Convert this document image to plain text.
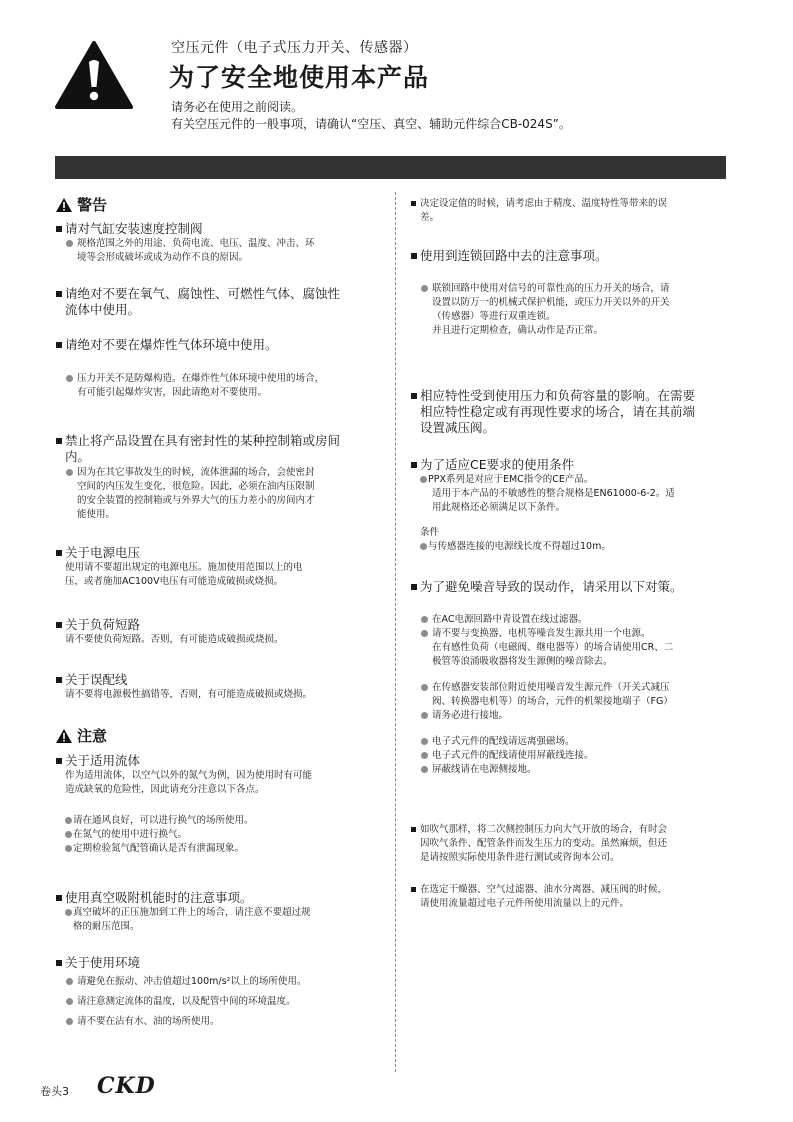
空压元件（电子式压力开关、传感器）
为了安全地使用本产品
请务必在使用之前阅读。
有关空压元件的一般事项，请确认“空压、真空、辅助元件综合CB-024S”。
警告
请对气缸安装速度控制阀
规格范围之外的用途、负荷电流、电压、温度、冲击、环
境等会形成破坏或成为动作不良的原因。
请绝对不要在氧气、腐蚀性、可燃性气体、腐蚀性
流体中使用。
请绝对不要在爆炸性气体环境中使用。
压力开关不是防爆构造。在爆炸性气体环境中使用的场合，
有可能引起爆炸灾害，因此请绝对不要使用。
禁止将产品设置在具有密封性的某种控制箱或房间
内。
因为在其它事故发生的时候，流体泄漏的场合，会使密封
空间的内压发生变化，很危险。因此，必须在油内压限制
的安全装置的控制箱或与外界大气的压力差小的房间内才
能使用。
关于电源电压
使用请不要超出规定的电源电压。施加使用范围以上的电
压，或者施加AC100V电压有可能造成破损或烧损。
关于负荷短路
请不要使负荷短路。否则，有可能造成破损或烧损。
关于误配线
请不要将电源极性搞错等，否则，有可能造成破损或烧损。
注意
关于适用流体
作为适用流体，以空气以外的氮气为例，因为使用时有可能
造成缺氧的危险性，因此请充分注意以下各点。
请在通风良好，可以进行换气的场所使用。
在氮气的使用中进行换气。
定期检验氮气配管确认是否有泄漏现象。
使用真空吸附机能时的注意事项。
真空破坏的正压施加到工件上的场合，请注意不要超过规
格的耐压范围。
关于使用环境
请避免在振动、冲击值超过100m/s²以上的场所使用。
请注意测定流体的温度，以及配管中间的环境温度。
请不要在沾有水、油的场所使用。
决定设定值的时候，请考虑由于精度、温度特性等带来的误
差。
使用到连锁回路中去的注意事项。
联锁回路中使用对信号的可靠性高的压力开关的场合，请
设置以防万一的机械式保护机能，或压力开关以外的开关
（传感器）等进行双重连锁。
并且进行定期检查，确认动作是否正常。
相应特性受到使用压力和负荷容量的影响。在需要
相应特性稳定或有再现性要求的场合，请在其前端
设置减压阀。
为了适应CE要求的使用条件
PPX系列是对应于EMC指令的CE产品。
适用于本产品的不敏感性的整合规格是EN61000-6-2。适
用此规格还必须满足以下条件。
条件
与传感器连接的电源线长度不得超过10m。
为了避免噪音导致的误动作，请采用以下对策。
在AC电源回路中青设置在线过滤器。
请不要与变换器、电机等噪音发生源共用一个电源。
在有感性负荷（电磁阀、继电器等）的场合请使用CR、二
极管等浪涌吸收器将发生源侧的噪音除去。
在传感器安装部位附近使用噪音发生源元件（开关式减压
阀、转换器电机等）的场合，元件的机架接地端子（FG）
请务必进行接地。
电子式元件的配线请远离强磁场。
电子式元件的配线请使用屏蔽线连接。
屏蔽线请在电源侧接地。
如吹气那样，将二次侧控制压力向大气开放的场合，有时会
因吹气条件、配管条件而发生压力的变动。虽然麻烦，但还
是请按照实际使用条件进行测试或咨询本公司。
在选定干燥器、空气过滤器、油水分离器、减压阀的时候，
请使用流量超过电子元件所使用流量以上的元件。
卷头3 CKD
